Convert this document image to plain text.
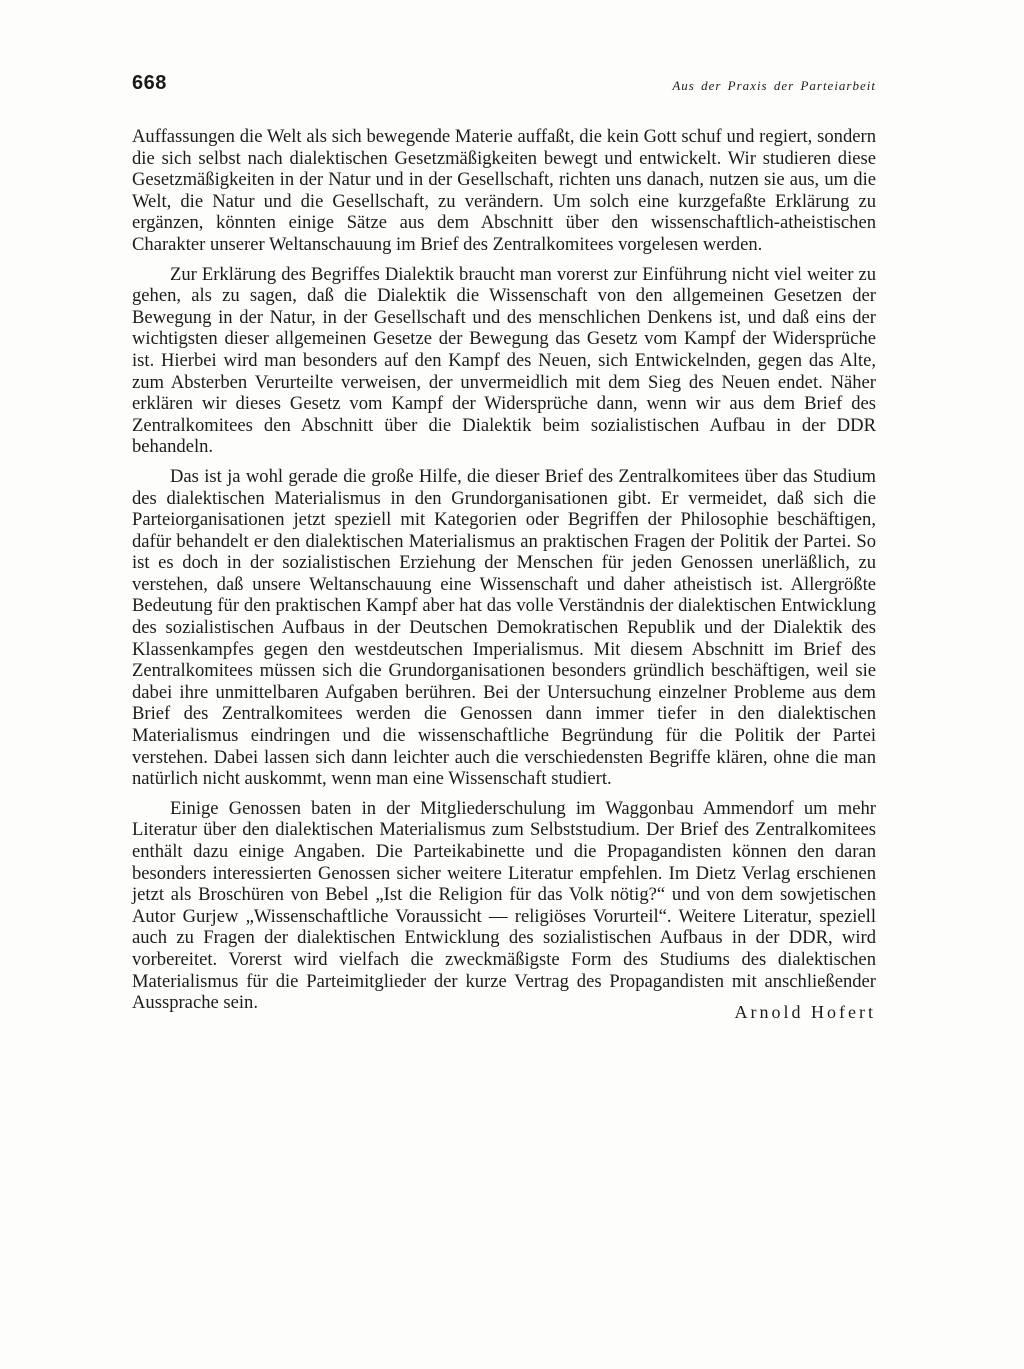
668	Aus der Praxis der Parteiarbeit

Auffassungen die Welt als sich bewegende Materie auffaßt, die kein Gott schuf und regiert, sondern die sich selbst nach dialektischen Gesetzmäßigkeiten bewegt und entwickelt. Wir studieren diese Gesetzmäßigkeiten in der Natur und in der Gesellschaft, richten uns danach, nutzen sie aus, um die Welt, die Natur und die Gesellschaft, zu verändern. Um solch eine kurzgefaßte Erklärung zu ergänzen, könnten einige Sätze aus dem Abschnitt über den wissenschaftlich-atheistischen Charakter unserer Weltanschauung im Brief des Zentralkomitees vorgelesen werden.

Zur Erklärung des Begriffes Dialektik braucht man vorerst zur Einführung nicht viel weiter zu gehen, als zu sagen, daß die Dialektik die Wissenschaft von den allgemeinen Gesetzen der Bewegung in der Natur, in der Gesellschaft und des menschlichen Denkens ist, und daß eins der wichtigsten dieser allgemeinen Gesetze der Bewegung das Gesetz vom Kampf der Widersprüche ist. Hierbei wird man besonders auf den Kampf des Neuen, sich Entwickelnden, gegen das Alte, zum Absterben Verurteilte verweisen, der unvermeidlich mit dem Sieg des Neuen endet. Näher erklären wir dieses Gesetz vom Kampf der Widersprüche dann, wenn wir aus dem Brief des Zentralkomitees den Abschnitt über die Dialektik beim sozialistischen Aufbau in der DDR behandeln.

Das ist ja wohl gerade die große Hilfe, die dieser Brief des Zentralkomitees über das Studium des dialektischen Materialismus in den Grundorganisationen gibt. Er vermeidet, daß sich die Parteiorganisationen jetzt speziell mit Kategorien oder Begriffen der Philosophie beschäftigen, dafür behandelt er den dialektischen Materialismus an praktischen Fragen der Politik der Partei. So ist es doch in der sozialistischen Erziehung der Menschen für jeden Genossen unerläßlich, zu verstehen, daß unsere Weltanschauung eine Wissenschaft und daher atheistisch ist. Allergrößte Bedeutung für den praktischen Kampf aber hat das volle Verständnis der dialektischen Entwicklung des sozialistischen Aufbaus in der Deutschen Demokratischen Republik und der Dialektik des Klassenkampfes gegen den westdeutschen Imperialismus. Mit diesem Abschnitt im Brief des Zentralkomitees müssen sich die Grundorganisationen besonders gründlich beschäftigen, weil sie dabei ihre unmittelbaren Aufgaben berühren. Bei der Untersuchung einzelner Probleme aus dem Brief des Zentralkomitees werden die Genossen dann immer tiefer in den dialektischen Materialismus eindringen und die wissenschaftliche Begründung für die Politik der Partei verstehen. Dabei lassen sich dann leichter auch die verschiedensten Begriffe klären, ohne die man natürlich nicht auskommt, wenn man eine Wissenschaft studiert.

Einige Genossen baten in der Mitgliederschulung im Waggonbau Ammendorf um mehr Literatur über den dialektischen Materialismus zum Selbststudium. Der Brief des Zentralkomitees enthält dazu einige Angaben. Die Parteikabinette und die Propagandisten können den daran besonders interessierten Genossen sicher weitere Literatur empfehlen. Im Dietz Verlag erschienen jetzt als Broschüren von Bebel „Ist die Religion für das Volk nötig?“ und von dem sowjetischen Autor Gurjew „Wissenschaftliche Voraussicht — religiöses Vorurteil“. Weitere Literatur, speziell auch zu Fragen der dialektischen Entwicklung des sozialistischen Aufbaus in der DDR, wird vorbereitet. Vorerst wird vielfach die zweckmäßigste Form des Studiums des dialektischen Materialismus für die Parteimitglieder der kurze Vertrag des Propagandisten mit anschließender Aussprache sein.	Arnold Hofert
